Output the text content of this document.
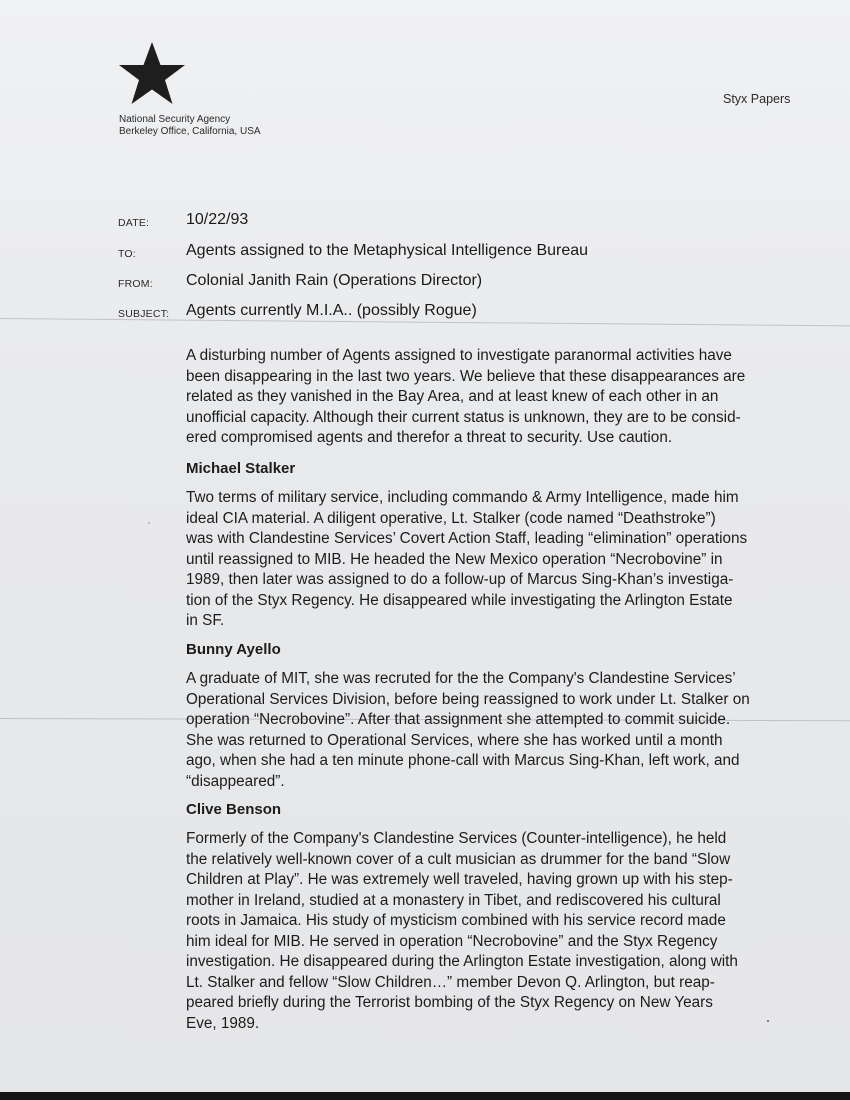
National Security Agency
Berkeley Office, California, USA
Styx Papers
DATE: 10/22/93
TO:	Agents assigned to the Metaphysical Intelligence Bureau
FROM: Colonial Janith Rain (Operations Director)
SUBJECT: Agents currently M.I.A.. (possibly Rogue)

A disturbing number of Agents assigned to investigate paranormal activities have

been disappearing in the last two years. We believe that these disappearances are

related as they vanished in the Bay Area, and at least knew of each other in an

unofficial capacity. Although their current status is unknown, they are to be consid-

ered compromised agents and therefor a threat to security. Use caution.

Michael Stalker

Two terms of military service, including commando & Army Intelligence, made him

ideal CIA material. A diligent operative, Lt. Stalker (code named “Deathstroke”)

was with Clandestine Services’ Covert Action Staff, leading “elimination” operations

until reassigned to MIB. He headed the New Mexico operation “Necrobovine” in

1989, then later was assigned to do a follow-up of Marcus Sing-Khan’s investiga-

tion of the Styx Regency. He disappeared while investigating the Arlington Estate

in SF.

Bunny Ayello

A graduate of MIT, she was recruted for the the Company's Clandestine Services’

Operational Services Division, before being reassigned to work under Lt. Stalker on

operation “Necrobovine”. After that assignment she attempted to commit suicide.

She was returned to Operational Services, where she has worked until a month

ago, when she had a ten minute phone-call with Marcus Sing-Khan, left work, and

“disappeared”.

Clive Benson

Formerly of the Company's Clandestine Services (Counter-intelligence), he held

the relatively well-known cover of a cult musician as drummer for the band “Slow

Children at Play”. He was extremely well traveled, having grown up with his step-

mother in Ireland, studied at a monastery in Tibet, and rediscovered his cultural

roots in Jamaica. His study of mysticism combined with his service record made

him ideal for MIB. He served in operation “Necrobovine” and the Styx Regency

investigation. He disappeared during the Arlington Estate investigation, along with

Lt. Stalker and fellow “Slow Children…” member Devon Q. Arlington, but reap-

peared briefly during the Terrorist bombing of the Styx Regency on New Years

Eve, 1989.
